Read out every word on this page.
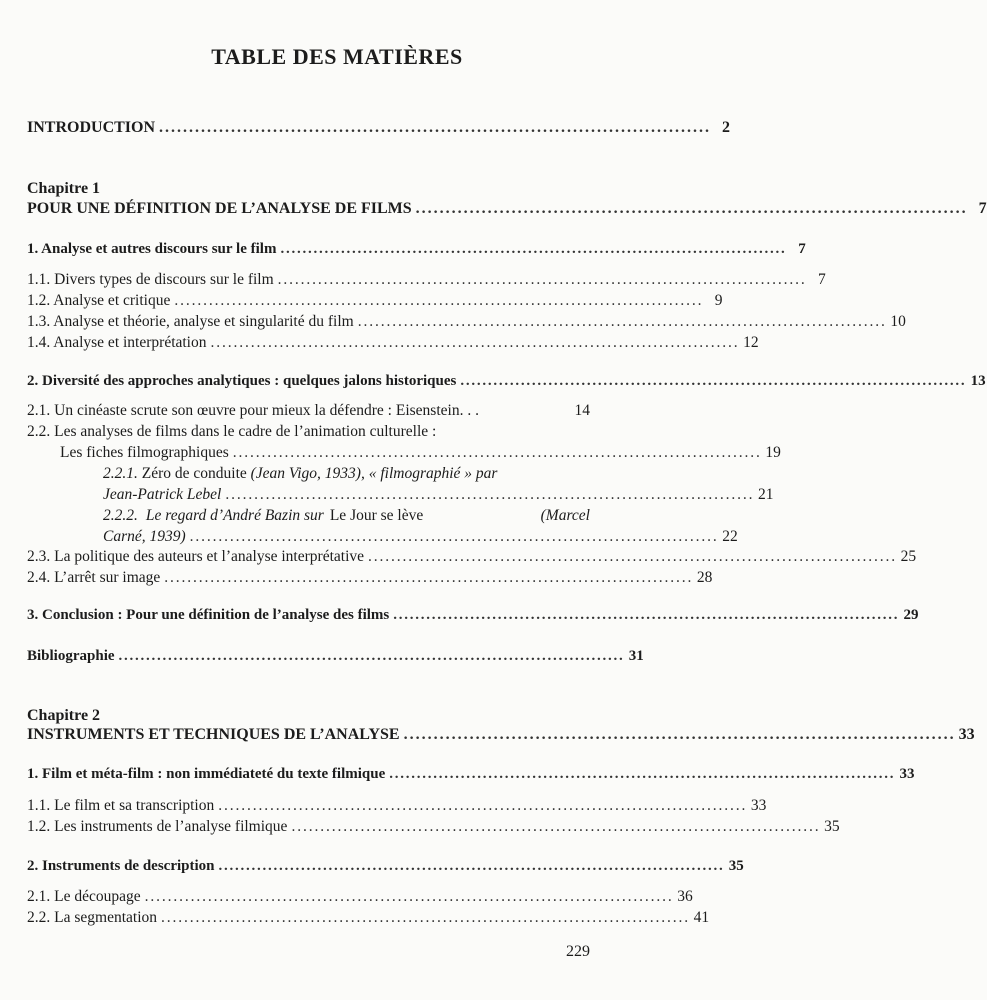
TABLE DES MATIÈRES
INTRODUCTION . . .	2
Chapitre 1
POUR UNE DÉFINITION DE L’ANALYSE DE FILMS . . .	7
1. Analyse et autres discours sur le film . . .	7
1.1. Divers types de discours sur le film . . .	7
1.2. Analyse et critique . . .	9
1.3. Analyse et théorie, analyse et singularité du film . . .	10
1.4. Analyse et interprétation . . .	12
2. Diversité des approches analytiques : quelques jalons historiques . . .	13
2.1. Un cinéaste scrute son œuvre pour mieux la défendre : Eisenstein. . .	14
2.2. Les analyses de films dans le cadre de l’animation culturelle :
Les fiches filmographiques . . .	19
2.2.1. Zéro de conduite (Jean Vigo, 1933), « filmographié » par
Jean-Patrick Lebel . . .	21
2.2.2. Le regard d’André Bazin sur Le Jour se lève	(Marcel
Carné, 1939) . . .	22
2.3. La politique des auteurs et l’analyse interprétative . . .	25
2.4. L’arrêt sur image . . .	28
3. Conclusion : Pour une définition de l’analyse des films . . .	29
Bibliographie . . .	31
Chapitre 2
INSTRUMENTS ET TECHNIQUES DE L’ANALYSE . . .	33
1. Film et méta-film : non immédiateté du texte filmique . . .	33
1.1. Le film et sa transcription . . .	33
1.2. Les instruments de l’analyse filmique . . .	35
2. Instruments de description . . .	35
2.1. Le découpage . . .	36
2.2. La segmentation . . .	41
229
